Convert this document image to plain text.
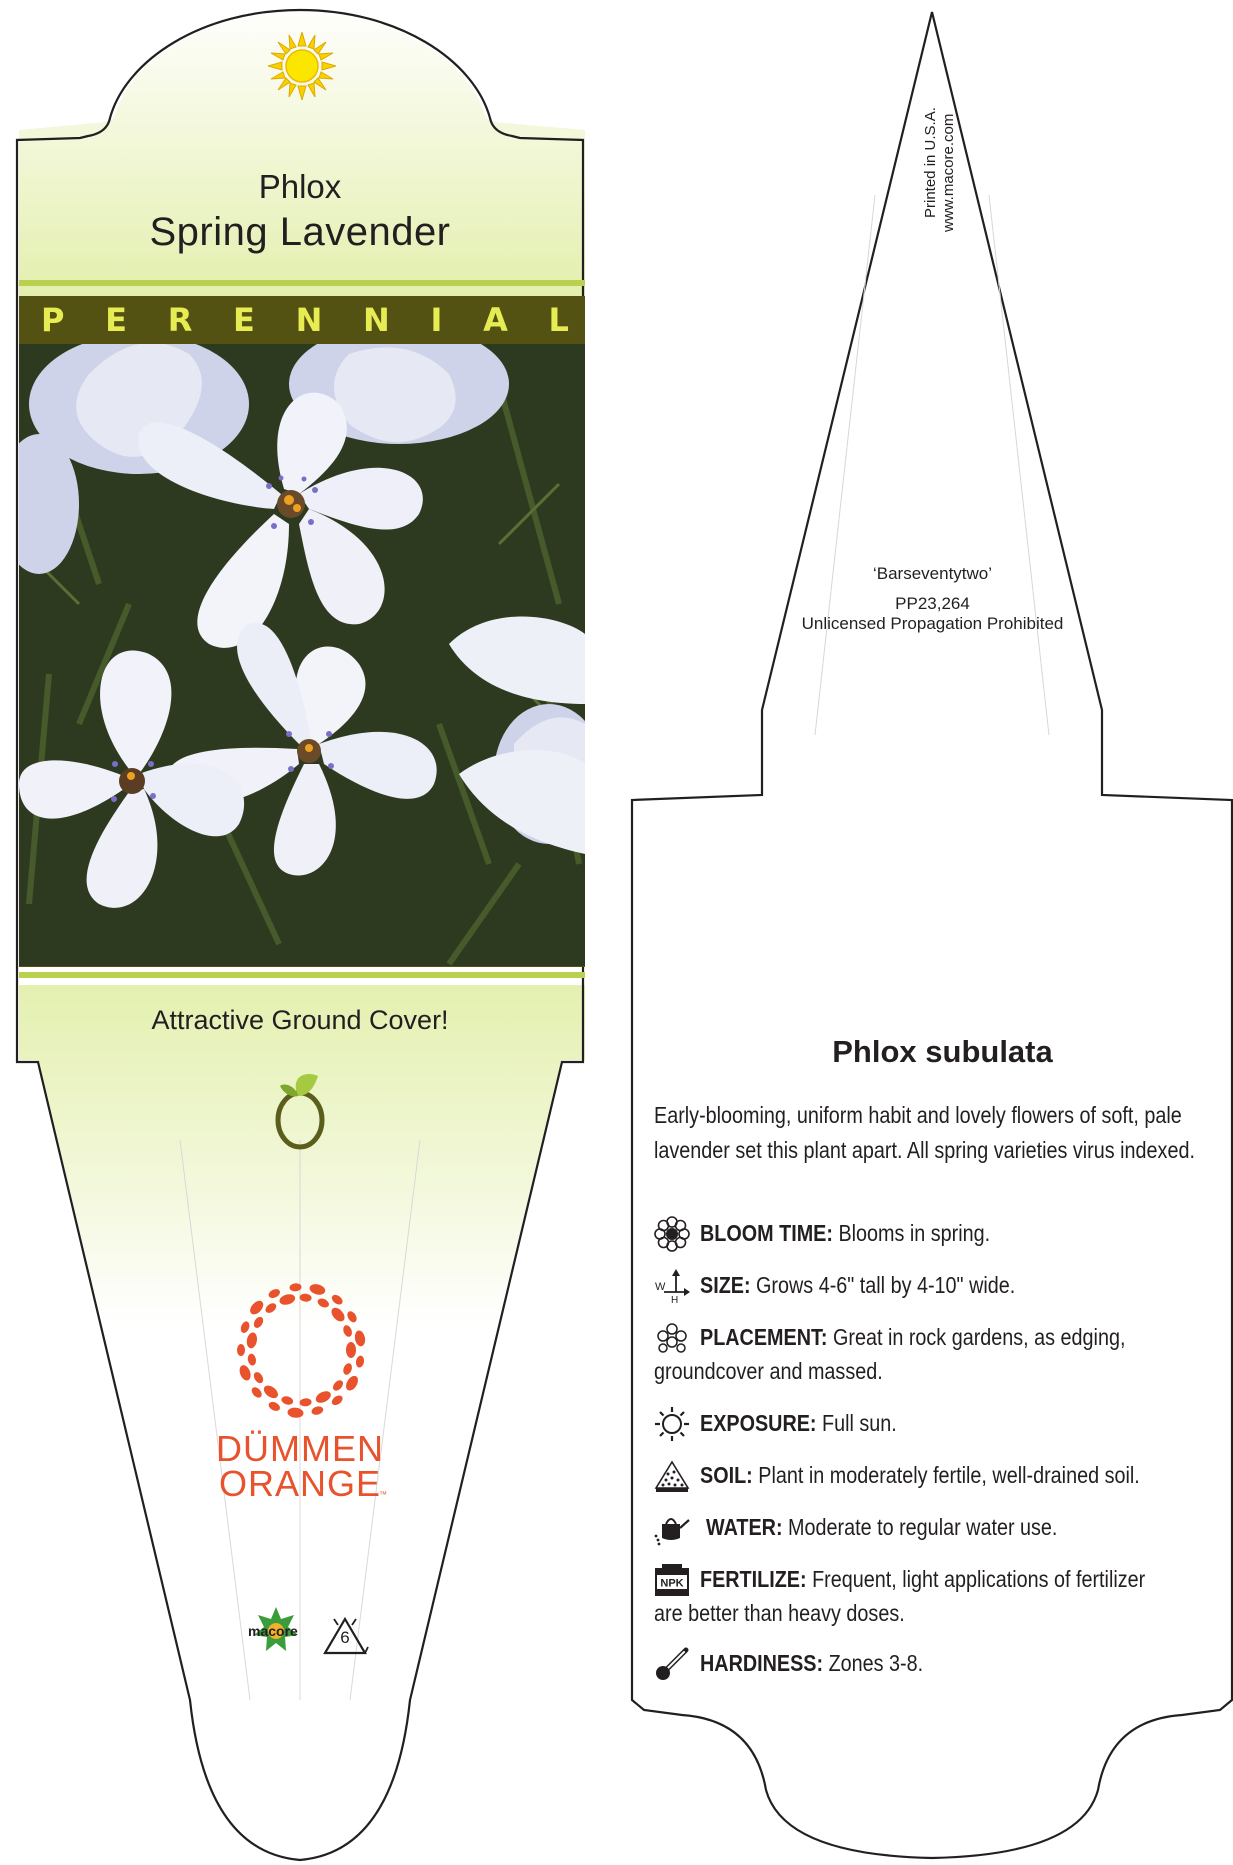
Phlox
Spring Lavender
P E R E N N I A L
Attractive Ground Cover!
DÜMMEN
ORANGE
™
macore	6
Printed in U.S.A. www.macore.com
‘Barseventytwo’
PP23,264
Unlicensed Propagation Prohibited
Phlox subulata
Early-blooming, uniform habit and lovely flowers of soft, pale lavender set this plant apart. All spring varieties virus indexed.
BLOOM TIME: Blooms in spring.
W
H
SIZE: Grows 4-6" tall by 4-10" wide.
PLACEMENT: Great in rock gardens, as edging,
groundcover and massed.
EXPOSURE: Full sun.
SOIL: Plant in moderately fertile, well-drained soil.
WATER: Moderate to regular water use.
NPK FERTILIZE: Frequent, light applications of fertilizer
are better than heavy doses.
HARDINESS: Zones 3-8.
